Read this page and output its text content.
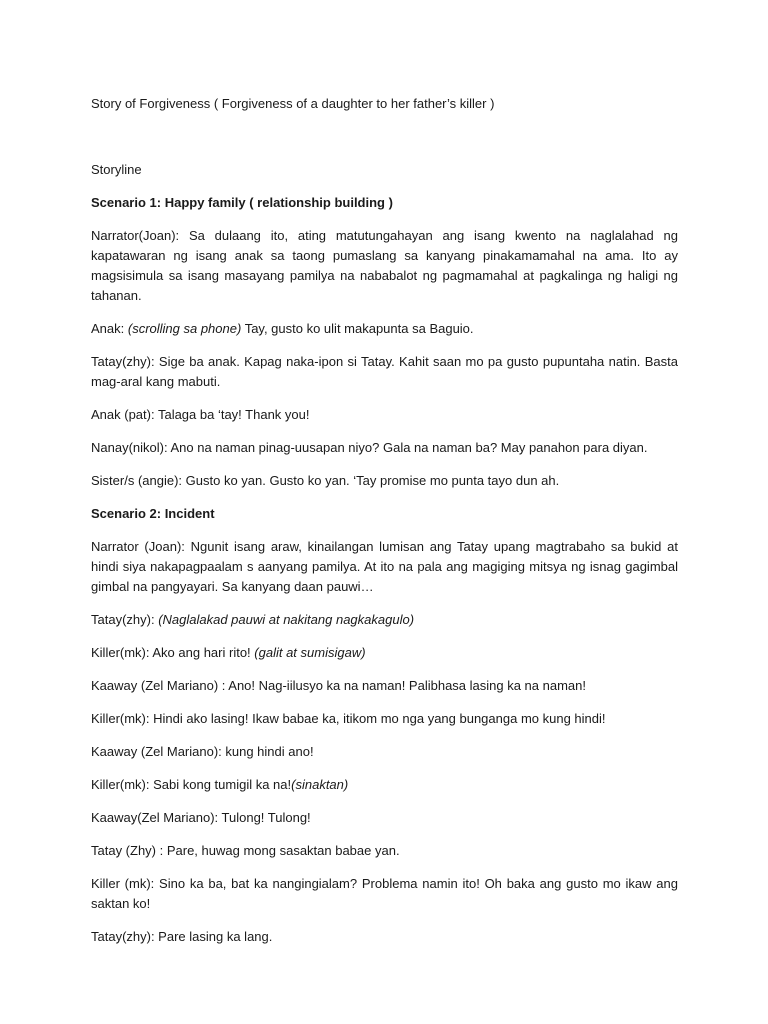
Story of Forgiveness ( Forgiveness of a daughter to her father’s killer )

Storyline

Scenario 1: Happy family ( relationship building )

Narrator(Joan): Sa dulaang ito, ating matutungahayan ang isang kwento na naglalahad ng kapatawaran ng isang anak sa taong pumaslang sa kanyang pinakamamahal na ama. Ito ay magsisimula sa isang masayang pamilya na nababalot ng pagmamahal at pagkalinga ng haligi ng tahanan.

Anak: (scrolling sa phone) Tay, gusto ko ulit makapunta sa Baguio.

Tatay(zhy): Sige ba anak. Kapag naka-ipon si Tatay. Kahit saan mo pa gusto pupuntaha natin. Basta mag-aral kang mabuti.

Anak (pat): Talaga ba ‘tay! Thank you!

Nanay(nikol): Ano na naman pinag-uusapan niyo? Gala na naman ba? May panahon para diyan.

Sister/s (angie): Gusto ko yan. Gusto ko yan. ‘Tay promise mo punta tayo dun ah.

Scenario 2: Incident

Narrator (Joan): Ngunit isang araw, kinailangan lumisan ang Tatay upang magtrabaho sa bukid at hindi siya nakapagpaalam s aanyang pamilya. At ito na pala ang magiging mitsya ng isnag gagimbal gimbal na pangyayari. Sa kanyang daan pauwi…

Tatay(zhy): (Naglalakad pauwi at nakitang nagkakagulo)

Killer(mk): Ako ang hari rito! (galit at sumisigaw)

Kaaway (Zel Mariano) : Ano! Nag-iilusyo ka na naman! Palibhasa lasing ka na naman!

Killer(mk): Hindi ako lasing! Ikaw babae ka, itikom mo nga yang bunganga mo kung hindi!

Kaaway (Zel Mariano): kung hindi ano!

Killer(mk): Sabi kong tumigil ka na!(sinaktan)

Kaaway(Zel Mariano): Tulong! Tulong!

Tatay (Zhy) : Pare, huwag mong sasaktan babae yan.

Killer (mk): Sino ka ba, bat ka nangingialam? Problema namin ito! Oh baka ang gusto mo ikaw ang saktan ko!

Tatay(zhy): Pare lasing ka lang.
